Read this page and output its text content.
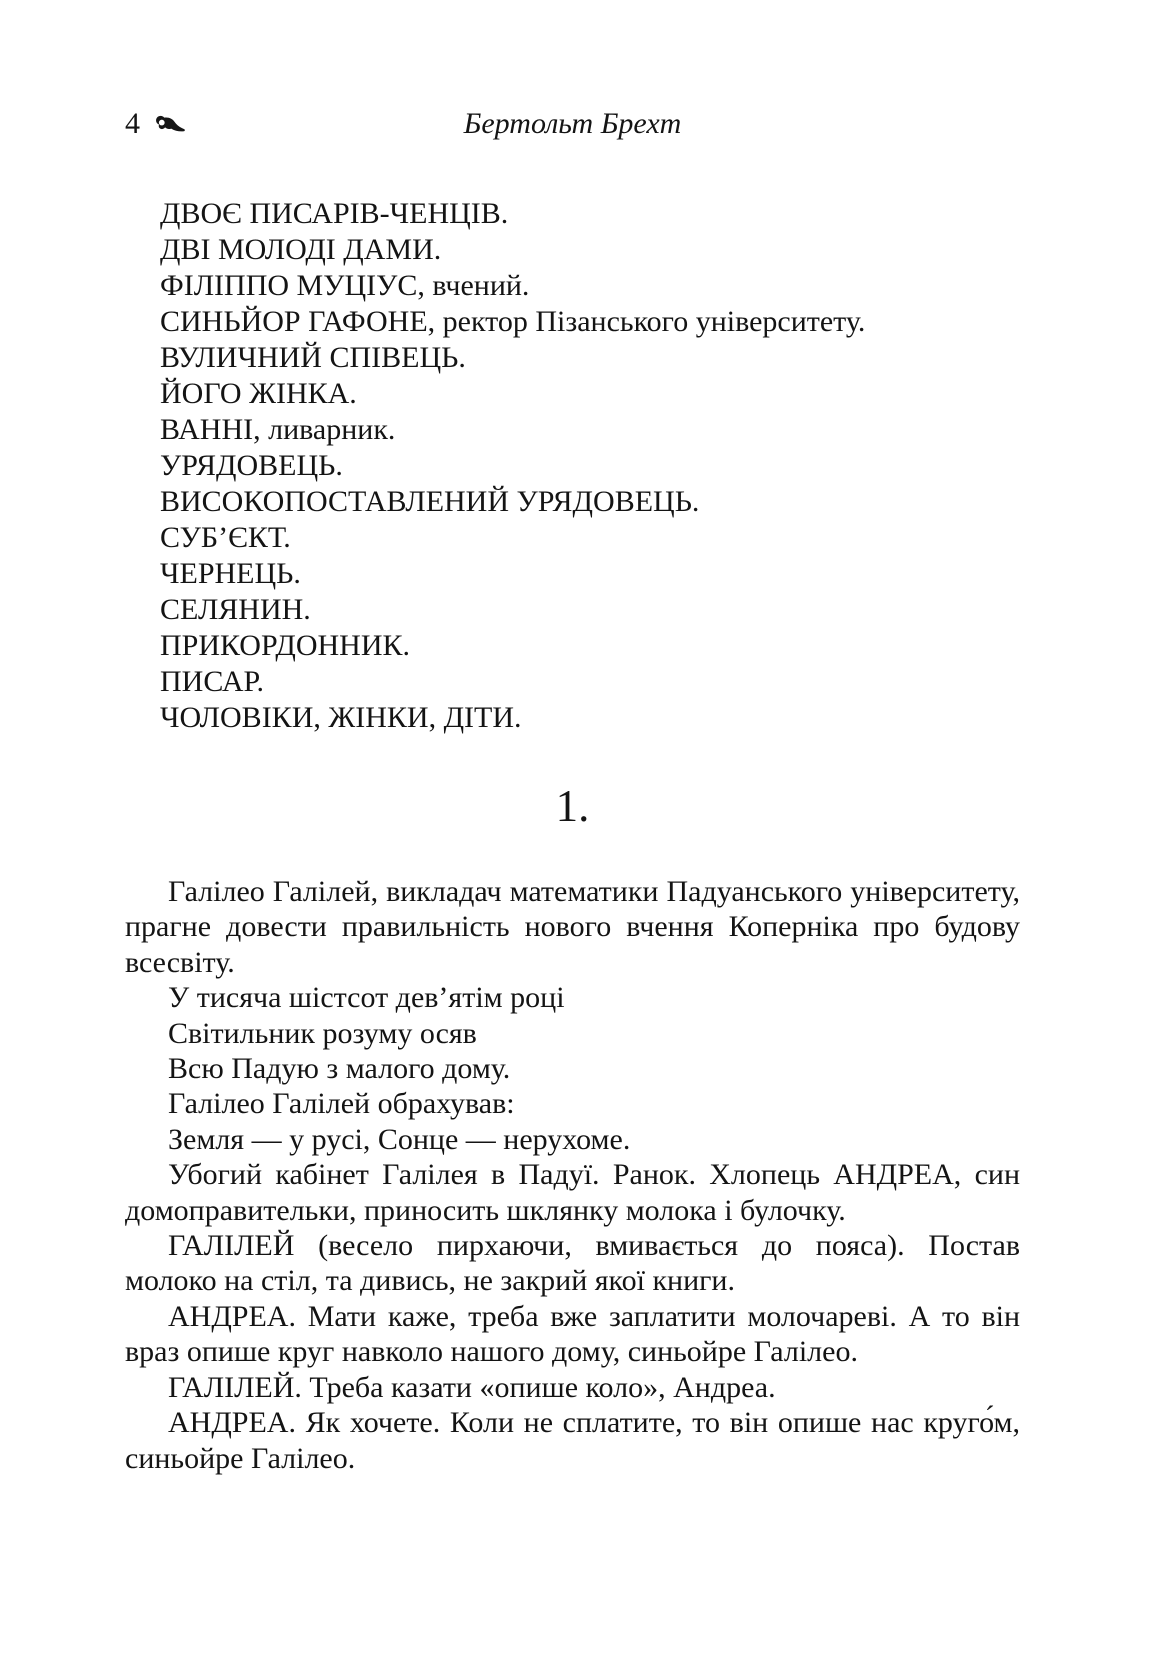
4	Бертольт Брехт

ДВОЄ ПИСАРІВ-ЧЕНЦІВ.

ДВІ МОЛОДІ ДАМИ.

ФІЛІППО МУЦІУС, вчений.

СИНЬЙОР ГАФОНЕ, ректор Пізанського університету.

ВУЛИЧНИЙ СПІВЕЦЬ.

ЙОГО ЖІНКА.

ВАННІ, ливарник.

УРЯДОВЕЦЬ.

ВИСОКОПОСТАВЛЕНИЙ УРЯДОВЕЦЬ.

СУБ’ЄКТ.

ЧЕРНЕЦЬ.

СЕЛЯНИН.

ПРИКОРДОННИК.

ПИСАР.

ЧОЛОВІКИ, ЖІНКИ, ДІТИ.

1.

Галілео Галілей, викладач математики Падуанського університету, прагне довести правильність нового вчення Коперніка про будову всесвіту.

У тисяча шістсот дев’ятім році

Світильник розуму осяв

Всю Падую з малого дому.

Галілео Галілей обрахував:

Земля — у русі, Сонце — нерухоме.

Убогий кабінет Галілея в Падуї. Ранок. Хлопець АНДРЕА, син домоправительки, приносить шклянку молока і булочку.

ГАЛІЛЕЙ (весело пирхаючи, вмивається до пояса). Постав молоко на стіл, та дивись, не закрий якої книги.

АНДРЕА. Мати каже, треба вже заплатити молочареві. А то він враз опише круг навколо нашого дому, синьойре Галілео.

ГАЛІЛЕЙ. Треба казати «опише коло», Андреа.

АНДРЕА. Як хочете. Коли не сплатите, то він опише нас круго́м, синьойре Галілео.
